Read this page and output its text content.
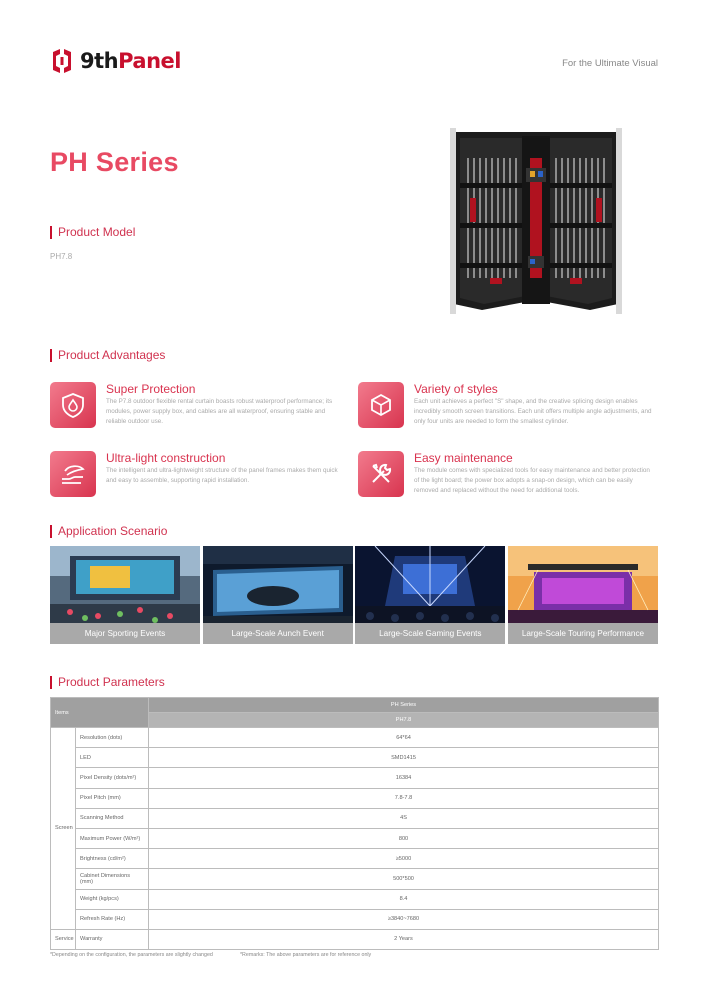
9thPanel	For the Ultimate Visual
PH Series
Product Model
PH7.8
Product Advantages
Super Protection
The P7.8 outdoor flexible rental curtain boasts robust waterproof performance; its modules, power supply box, and cables are all waterproof, ensuring stable and reliable outdoor use.
Variety of styles
Each unit achieves a perfect "S" shape, and the creative splicing design enables incredibly smooth screen transitions. Each unit offers multiple angle adjustments, and only four units are needed to form the smallest cylinder.
Ultra-light construction
The intelligent and ultra-lightweight structure of the panel frames makes them quick and easy to assemble, supporting rapid installation.
Easy maintenance
The module comes with specialized tools for easy maintenance and better protection of the light board; the power box adopts a snap-on design, which can be easily removed and replaced without the need for additional tools.
Application Scenario
Major Sporting Events	Large-Scale Aunch Event	Large-Scale Gaming Events	Large-Scale Touring Performance
Product Parameters
Items		PH Series
		PH7.8
Screen	Resolution (dots)	64*64
	LED	SMD1415
	Pixel Density (dots/m²)	16384
	Pixel Pitch (mm)	7.8-7.8
	Scanning Method	4S
	Maximum Power (W/m²)	800
	Brightness (cd/m²)	≥5000
	Cabinet Dimensions (mm)	500*500
	Weight (kg/pcs)	8.4
	Refresh Rate (Hz)	≥3840~7680
Service	Warranty	2 Years
*Depending on the configuration, the parameters are slightly changed	*Remarks: The above parameters are for reference only
